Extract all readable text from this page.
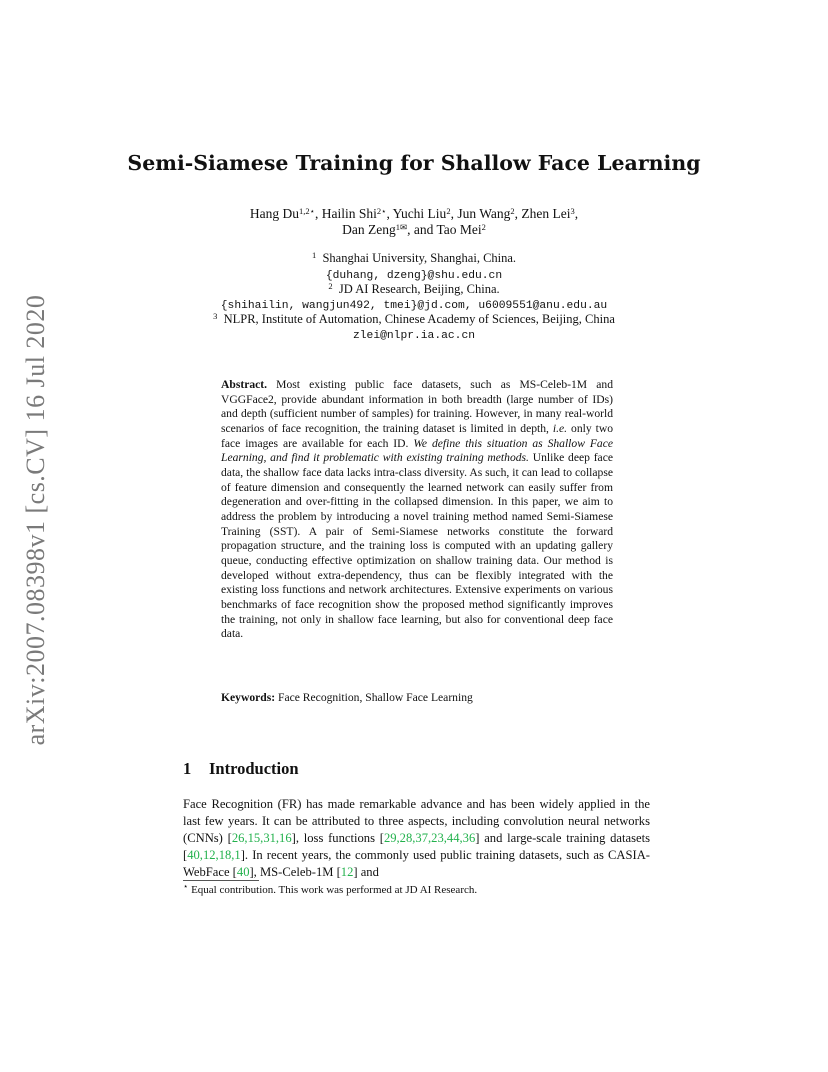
arXiv:2007.08398v1 [cs.CV] 16 Jul 2020
Semi-Siamese Training for Shallow Face Learning
Hang $Du^{1,2⋆}$, Hailin Shi$^{2⋆}$, Yuchi Liu$^2$, Jun Wang$^2$, Zhen Lei$^3$,
Dan Zeng$^{1✉}$, and Tao Mei$^2$
$^1$ Shanghai University, Shanghai, China.
{duhang, dzeng}@shu.edu.cn
$^2$ JD AI Research, Beijing, China.
{shihailin, wangjun492, tmei}@jd.com, u6009551@anu.edu.au
$^3$ NLPR, Institute of Automation, Chinese Academy of Sciences, Beijing, China
zlei@nlpr.ia.ac.cn

Abstract. Most existing public face datasets, such as MS-Celeb-1M and VGGFace2, provide abundant information in both breadth (large number of IDs) and depth (sufficient number of samples) for training. However, in many real-world scenarios of face recognition, the training dataset is limited in depth, i.e. only two face images are available for each ID. We define this situation as Shallow Face Learning, and find it problematic with existing training methods. Unlike deep face data, the shallow face data lacks intra-class diversity. As such, it can lead to collapse of feature dimension and consequently the learned network can easily suffer from degeneration and over-fitting in the collapsed dimension. In this paper, we aim to address the problem by introducing a novel training method named Semi-Siamese Training (SST). A pair of Semi-Siamese networks constitute the forward propagation structure, and the training loss is computed with an updating gallery queue, conducting effective optimization on shallow training data. Our method is developed without extra-dependency, thus can be flexibly integrated with the existing loss functions and network architectures. Extensive experiments on various benchmarks of face recognition show the proposed method significantly improves the training, not only in shallow face learning, but also for conventional deep face data.

Keywords: Face Recognition, Shallow Face Learning

1 Introduction

Face Recognition (FR) has made remarkable advance and has been widely applied in the last few years. It can be attributed to three aspects, including convolution neural networks (CNNs) [26,15,31,16], loss functions [29,28,37,23,44,36] and large-scale training datasets [40,12,18,1]. In recent years, the commonly used public training datasets, such as CASIA-WebFace [40], MS-Celeb-1M [12] and

⋆ Equal contribution. This work was performed at JD AI Research.
